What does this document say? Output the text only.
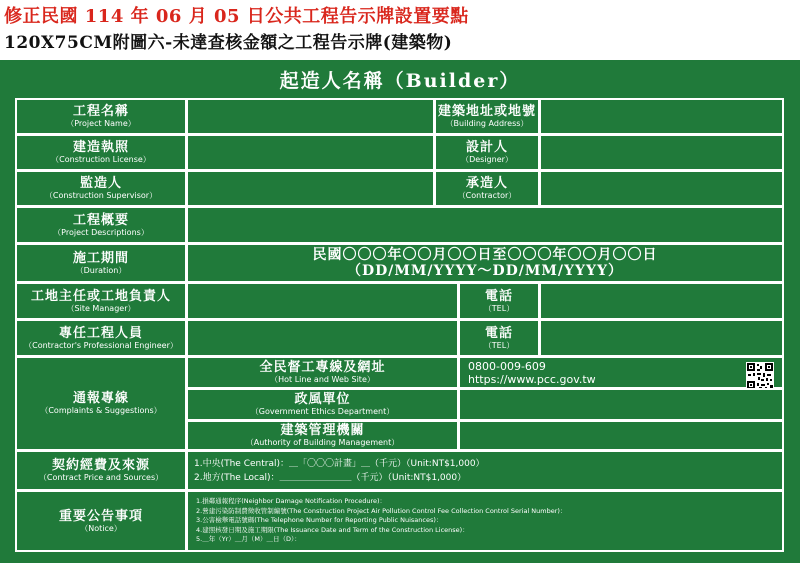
修正民國 114 年 06 月 05 日公共工程告示牌設置要點
120X75CM附圖六-未達查核金額之工程告示牌(建築物)
起造人名稱（Builder）
工程名稱
（Project Name）
建築地址或地號
（Building Address）
建造執照
（Construction License）
設計人
（Designer）
監造人
（Construction Supervisor）
承造人
（Contractor）
工程概要
（Project Descriptions）
施工期間
（Duration）
民國〇〇〇年〇〇月〇〇日至〇〇〇年〇〇月〇〇日
（DD/MM/YYYY～DD/MM/YYYY）
工地主任或工地負責人
（Site Manager）
電話
（TEL）
專任工程人員
（Contractor's Professional Engineer）
電話
（TEL）
通報專線
（Complaints & Suggestions）
全民督工專線及網址
（Hot Line and Web Site）
0800-009-609
https://www.pcc.gov.tw
政風單位
（Government Ethics Department）
建築管理機關
（Authority of Building Management）
契約經費及來源
（Contract Price and Sources）
1.中央(The Central)：＿「〇〇〇計畫」＿（千元）（Unit:NT$1,000）
2.地方(The Local)：＿＿＿＿＿＿＿＿（千元）（Unit:NT$1,000）
重要公告事項
（Notice）
1.損鄰通報程序(Neighbor Damage Notification Procedure)：
2.營建污染防制費徵收管制編號(The Construction Project Air Pollution Control Fee Collection Control Serial Number)：
3.公害檢舉電話號碼(The Telephone Number for Reporting Public Nuisances)：
4.建照核發日期及施工期限(The Issuance Date and Term of the Construction License)：
5.＿年（Yr）＿月（M）＿日（D）：
